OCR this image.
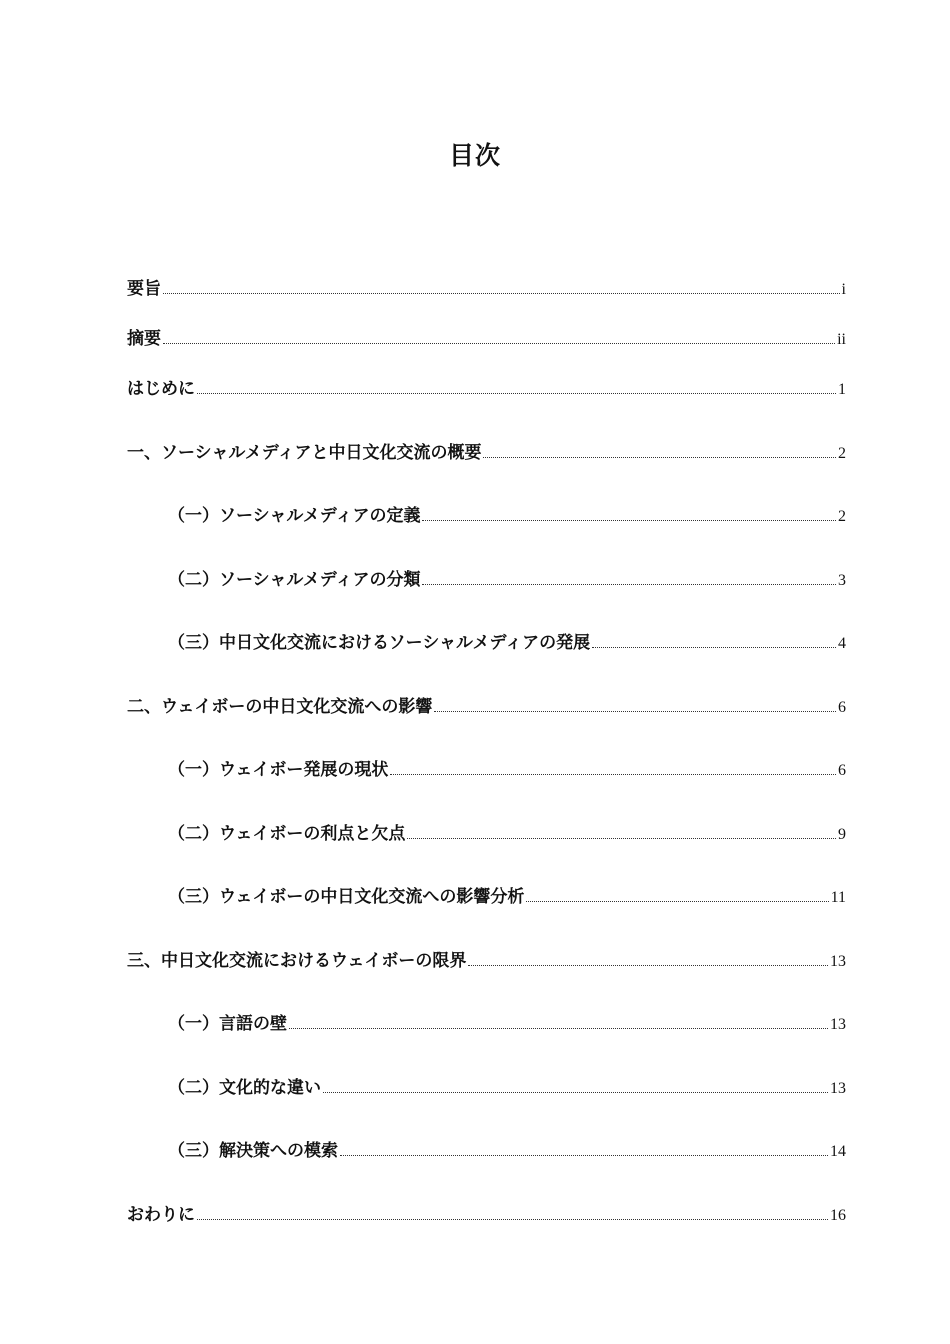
目次
要旨	i
摘要	ii
はじめに	1
一、ソーシャルメディアと中日文化交流の概要	2
（一）ソーシャルメディアの定義	2
（二）ソーシャルメディアの分類	3
（三）中日文化交流におけるソーシャルメディアの発展	4
二、ウェイボーの中日文化交流への影響	6
（一）ウェイボー発展の現状	6
（二）ウェイボーの利点と欠点	9
（三）ウェイボーの中日文化交流への影響分析	11
三、中日文化交流におけるウェイボーの限界	13
（一）言語の壁	13
（二）文化的な違い	13
（三）解決策への模索	14
おわりに	16
